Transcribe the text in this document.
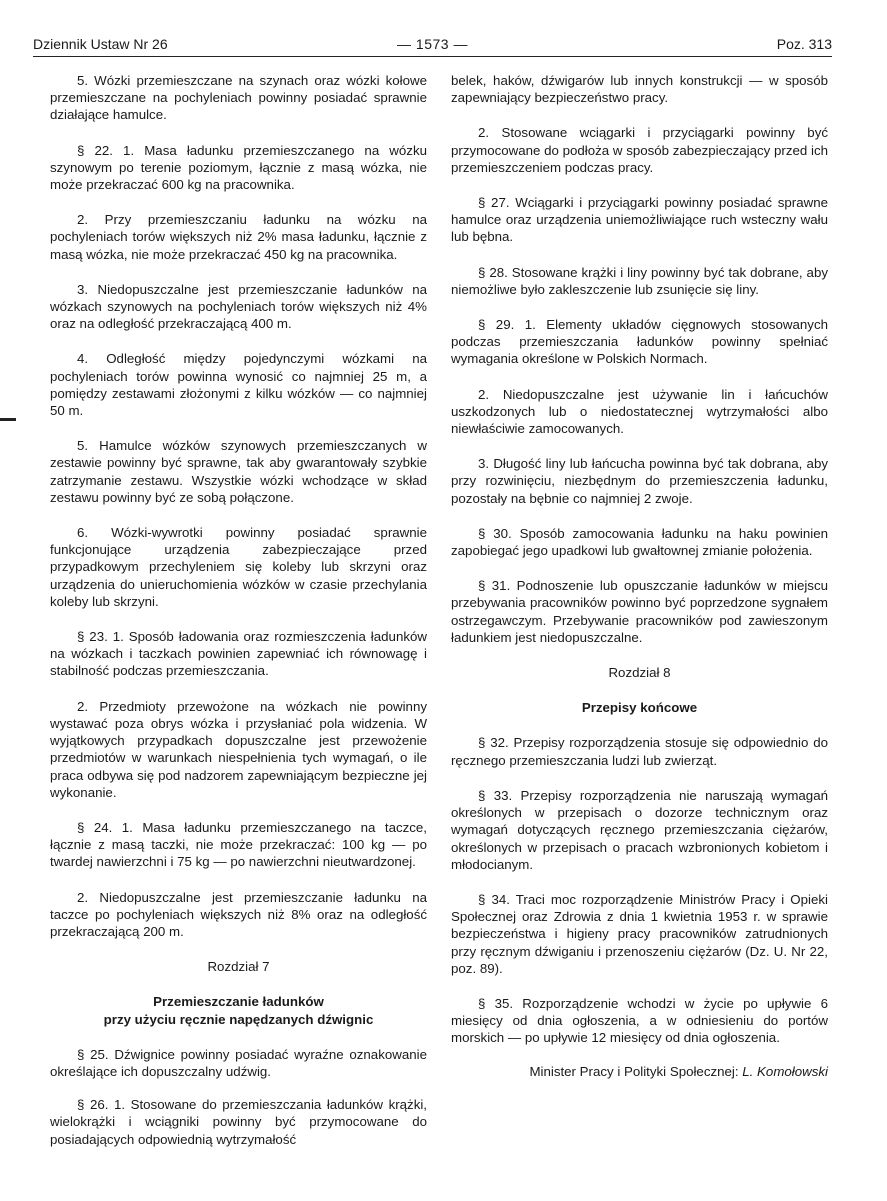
Dziennik Ustaw Nr 26	— 1573 —	Poz. 313

5. Wózki przemieszczane na szynach oraz wózki kołowe przemieszczane na pochyleniach powinny posiadać sprawnie działające hamulce.

§ 22. 1. Masa ładunku przemieszczanego na wózku szynowym po terenie poziomym, łącznie z masą wózka, nie może przekraczać 600 kg na pracownika.

2. Przy przemieszczaniu ładunku na wózku na pochyleniach torów większych niż 2% masa ładunku, łącznie z masą wózka, nie może przekraczać 450 kg na pracownika.

3. Niedopuszczalne jest przemieszczanie ładunków na wózkach szynowych na pochyleniach torów większych niż 4% oraz na odległość przekraczającą 400 m.

4. Odległość między pojedynczymi wózkami na pochyleniach torów powinna wynosić co najmniej 25 m, a pomiędzy zestawami złożonymi z kilku wózków — co najmniej 50 m.

5. Hamulce wózków szynowych przemieszczanych w zestawie powinny być sprawne, tak aby gwarantowały szybkie zatrzymanie zestawu. Wszystkie wózki wchodzące w skład zestawu powinny być ze sobą połączone.

6. Wózki-wywrotki powinny posiadać sprawnie funkcjonujące urządzenia zabezpieczające przed przypadkowym przechyleniem się koleby lub skrzyni oraz urządzenia do unieruchomienia wózków w czasie przechylania koleby lub skrzyni.

§ 23. 1. Sposób ładowania oraz rozmieszczenia ładunków na wózkach i taczkach powinien zapewniać ich równowagę i stabilność podczas przemieszczania.

2. Przedmioty przewożone na wózkach nie powinny wystawać poza obrys wózka i przysłaniać pola widzenia. W wyjątkowych przypadkach dopuszczalne jest przewożenie przedmiotów w warunkach niespełnienia tych wymagań, o ile praca odbywa się pod nadzorem zapewniającym bezpieczne jej wykonanie.

§ 24. 1. Masa ładunku przemieszczanego na taczce, łącznie z masą taczki, nie może przekraczać: 100 kg — po twardej nawierzchni i 75 kg — po nawierzchni nieutwardzonej.

2. Niedopuszczalne jest przemieszczanie ładunku na taczce po pochyleniach większych niż 8% oraz na odległość przekraczającą 200 m.

Rozdział 7

Przemieszczanie ładunków
przy użyciu ręcznie napędzanych dźwignic

§ 25. Dźwignice powinny posiadać wyraźne oznakowanie określające ich dopuszczalny udźwig.

§ 26. 1. Stosowane do przemieszczania ładunków krążki, wielokrążki i wciągniki powinny być przymocowane do posiadających odpowiednią wytrzymałość

belek, haków, dźwigarów lub innych konstrukcji — w sposób zapewniający bezpieczeństwo pracy.

2. Stosowane wciągarki i przyciągarki powinny być przymocowane do podłoża w sposób zabezpieczający przed ich przemieszczeniem podczas pracy.

§ 27. Wciągarki i przyciągarki powinny posiadać sprawne hamulce oraz urządzenia uniemożliwiające ruch wsteczny wału lub bębna.

§ 28. Stosowane krążki i liny powinny być tak dobrane, aby niemożliwe było zakleszczenie lub zsunięcie się liny.

§ 29. 1. Elementy układów cięgnowych stosowanych podczas przemieszczania ładunków powinny spełniać wymagania określone w Polskich Normach.

2. Niedopuszczalne jest używanie lin i łańcuchów uszkodzonych lub o niedostatecznej wytrzymałości albo niewłaściwie zamocowanych.

3. Długość liny lub łańcucha powinna być tak dobrana, aby przy rozwinięciu, niezbędnym do przemieszczenia ładunku, pozostały na bębnie co najmniej 2 zwoje.

§ 30. Sposób zamocowania ładunku na haku powinien zapobiegać jego upadkowi lub gwałtownej zmianie położenia.

§ 31. Podnoszenie lub opuszczanie ładunków w miejscu przebywania pracowników powinno być poprzedzone sygnałem ostrzegawczym. Przebywanie pracowników pod zawieszonym ładunkiem jest niedopuszczalne.

Rozdział 8

Przepisy końcowe

§ 32. Przepisy rozporządzenia stosuje się odpowiednio do ręcznego przemieszczania ludzi lub zwierząt.

§ 33. Przepisy rozporządzenia nie naruszają wymagań określonych w przepisach o dozorze technicznym oraz wymagań dotyczących ręcznego przemieszczania ciężarów, określonych w przepisach o pracach wzbronionych kobietom i młodocianym.

§ 34. Traci moc rozporządzenie Ministrów Pracy i Opieki Społecznej oraz Zdrowia z dnia 1 kwietnia 1953 r. w sprawie bezpieczeństwa i higieny pracy pracowników zatrudnionych przy ręcznym dźwiganiu i przenoszeniu ciężarów (Dz. U. Nr 22, poz. 89).

§ 35. Rozporządzenie wchodzi w życie po upływie 6 miesięcy od dnia ogłoszenia, a w odniesieniu do portów morskich — po upływie 12 miesięcy od dnia ogłoszenia.

Minister Pracy i Polityki Społecznej: L. Komołowski
